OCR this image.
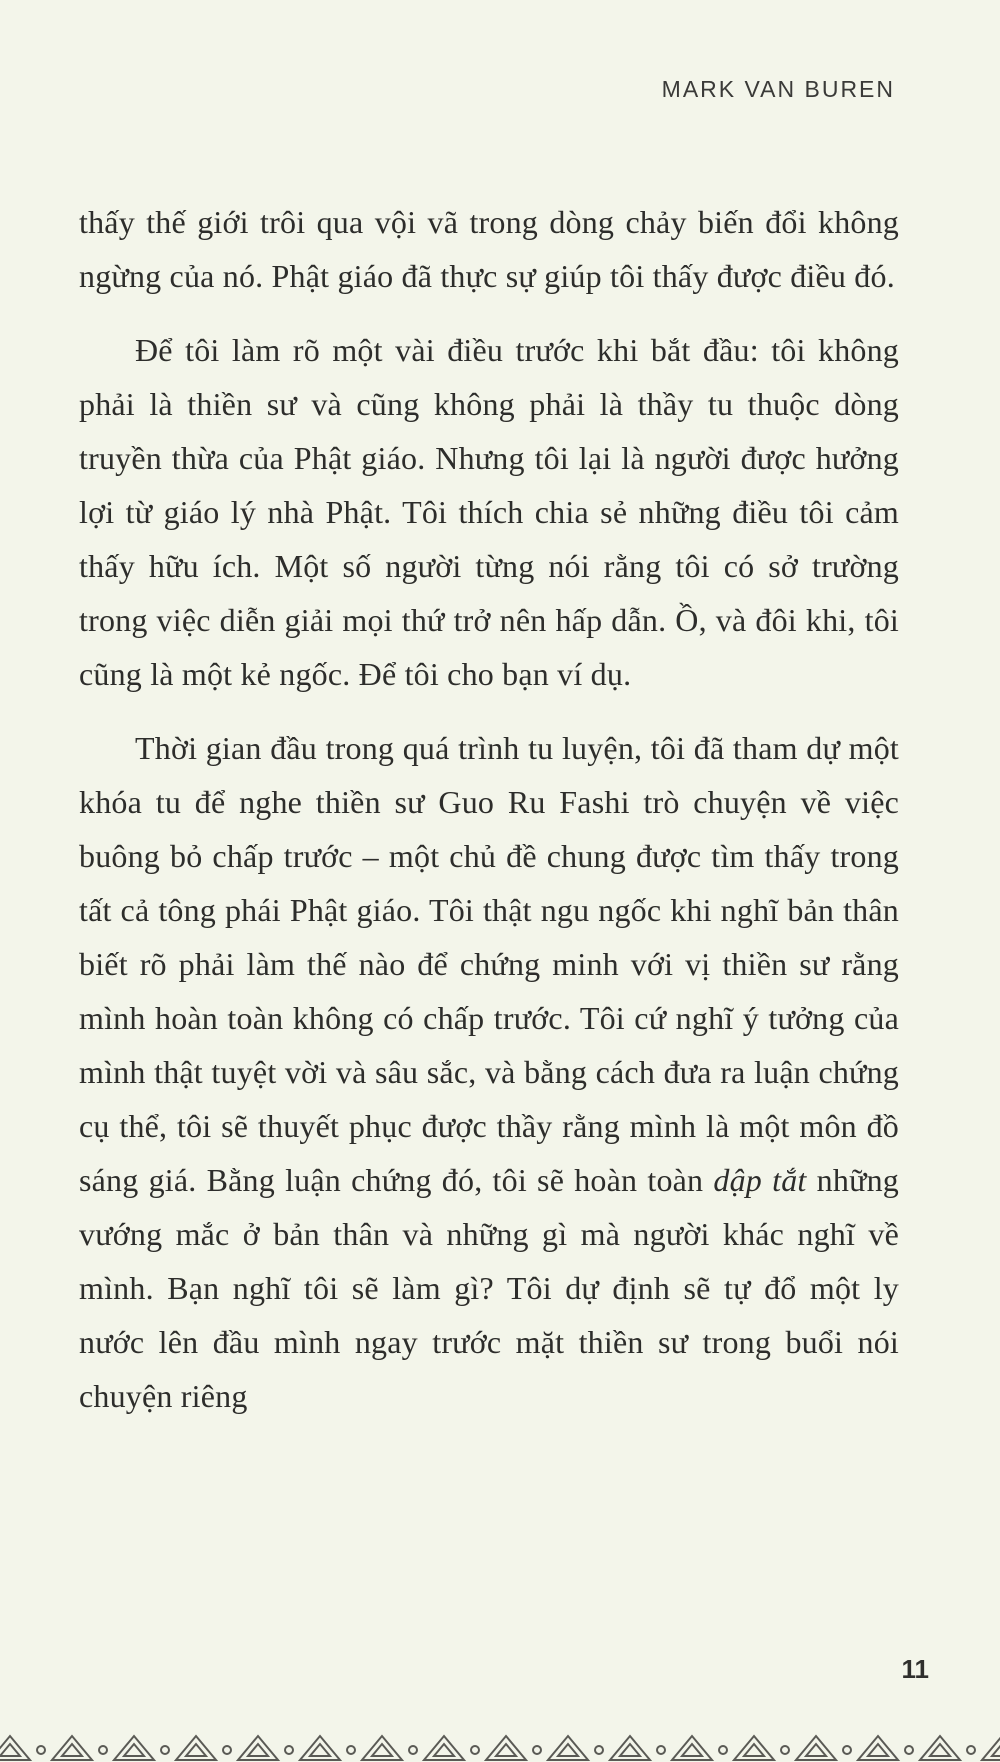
MARK VAN BUREN

thấy thế giới trôi qua vội vã trong dòng chảy biến đổi không ngừng của nó. Phật giáo đã thực sự giúp tôi thấy được điều đó.

Để tôi làm rõ một vài điều trước khi bắt đầu: tôi không phải là thiền sư và cũng không phải là thầy tu thuộc dòng truyền thừa của Phật giáo. Nhưng tôi lại là người được hưởng lợi từ giáo lý nhà Phật. Tôi thích chia sẻ những điều tôi cảm thấy hữu ích. Một số người từng nói rằng tôi có sở trường trong việc diễn giải mọi thứ trở nên hấp dẫn. Ồ, và đôi khi, tôi cũng là một kẻ ngốc. Để tôi cho bạn ví dụ.

Thời gian đầu trong quá trình tu luyện, tôi đã tham dự một khóa tu để nghe thiền sư Guo Ru Fashi trò chuyện về việc buông bỏ chấp trước – một chủ đề chung được tìm thấy trong tất cả tông phái Phật giáo. Tôi thật ngu ngốc khi nghĩ bản thân biết rõ phải làm thế nào để chứng minh với vị thiền sư rằng mình hoàn toàn không có chấp trước. Tôi cứ nghĩ ý tưởng của mình thật tuyệt vời và sâu sắc, và bằng cách đưa ra luận chứng cụ thể, tôi sẽ thuyết phục được thầy rằng mình là một môn đồ sáng giá. Bằng luận chứng đó, tôi sẽ hoàn toàn dập tắt những vướng mắc ở bản thân và những gì mà người khác nghĩ về mình. Bạn nghĩ tôi sẽ làm gì? Tôi dự định sẽ tự đổ một ly nước lên đầu mình ngay trước mặt thiền sư trong buổi nói chuyện riêng

11
